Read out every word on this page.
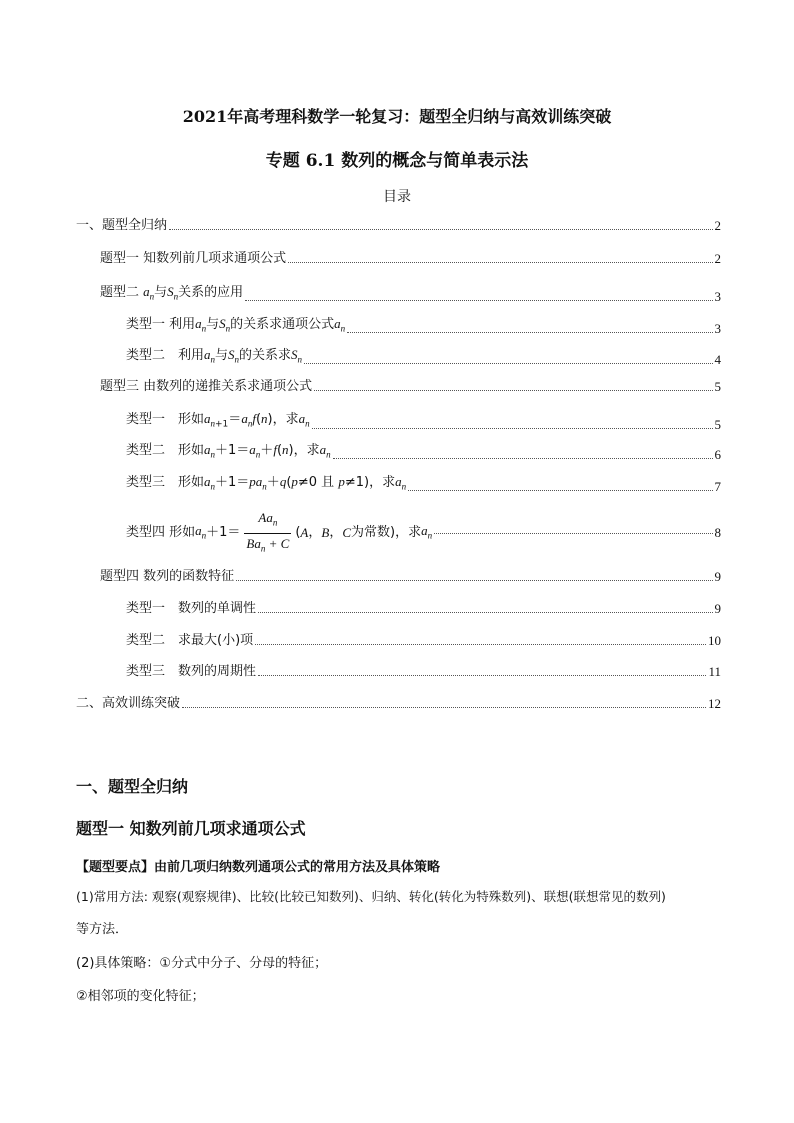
2021年高考理科数学一轮复习：题型全归纳与高效训练突破
专题 6.1 数列的概念与简单表示法
目录
一、题型全归纳	2
题型一 知数列前几项求通项公式	2
题型二 $a_n$与$S_n$关系的应用	3
类型一 利用$a_n$与$S_n$的关系求通项公式$a_n$	3
类型二　利用$a_n$与$S_n$的关系求$S_n$	4
题型三 由数列的递推关系求通项公式	5
类型一　形如$a_{n+1}=a_nf(n)$，求$a_n$	5
类型二　形如$a_n+1=a_n+f(n)$，求$a_n$	6
类型三　形如$a_n+1=pa_n+q(p\ne 0$ 且 p≠1)，求$a_n$	7
类型四 形如 $a_n +1= \frac{Aa_n}{Ba_n + C}$ ( A ， B ， C 为常数)，求 $a_n$	8
题型四 数列的函数特征	9
类型一　数列的单调性	9
类型二　求最大(小)项	10
类型三　数列的周期性	11
二、高效训练突破	12
一、题型全归纳
题型一 知数列前几项求通项公式
【题型要点】由前几项归纳数列通项公式的常用方法及具体策略
(1)常用方法: 观察(观察规律)、比较(比较已知数列)、归纳、转化(转化为特殊数列)、联想(联想常见的数列)
等方法．
(2)具体策略：①分式中分子、分母的特征；
②相邻项的变化特征；
